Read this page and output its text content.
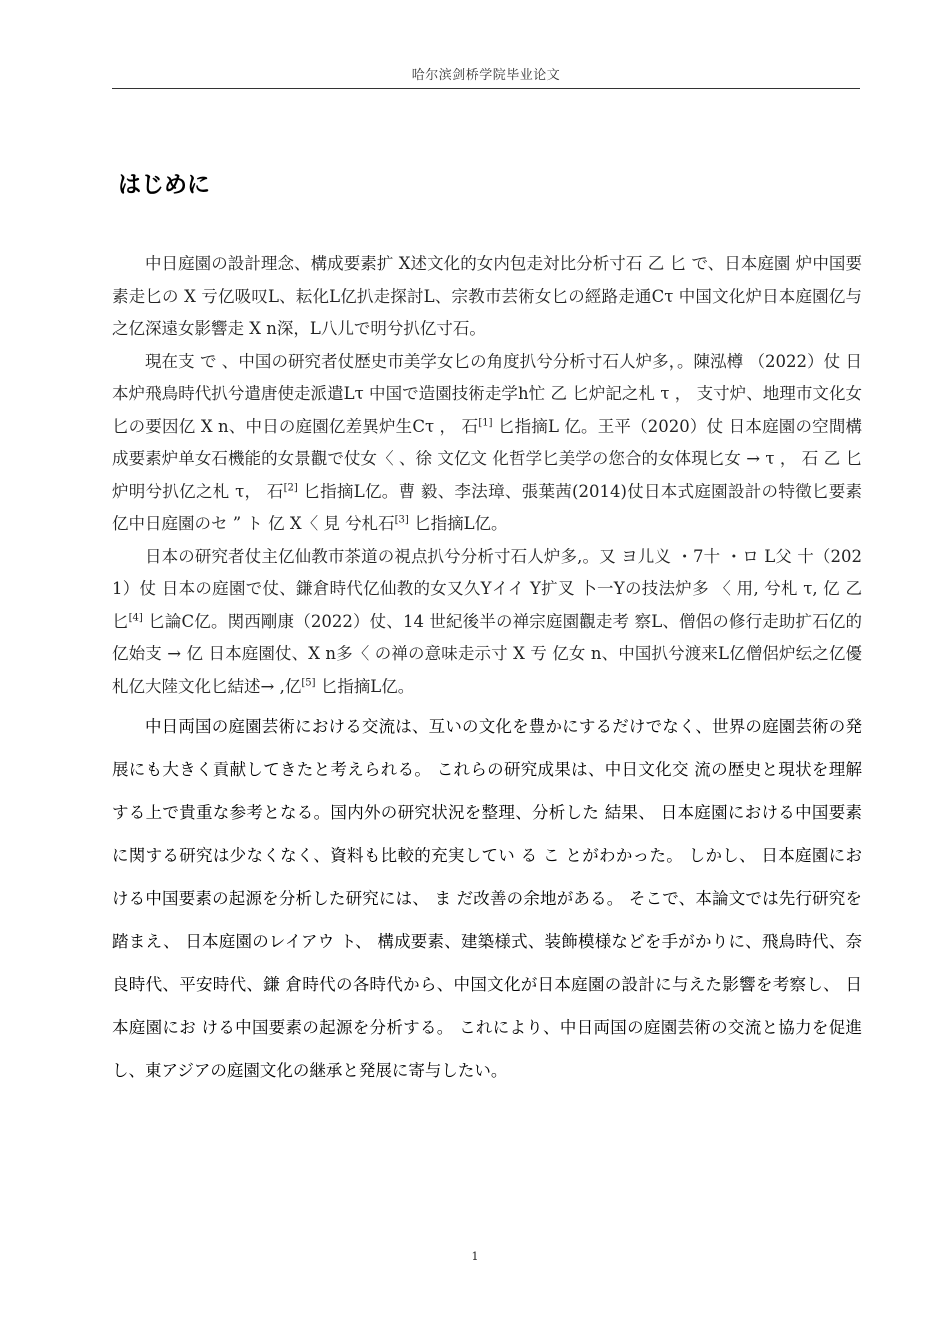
哈尔滨剑桥学院毕业论文
はじめに

中日庭園の設計理念、構成要素扩 X述文化的女内包走対比分析寸石 乙 匕 で、日本庭園 炉中国要素走匕の X 亏亿吸叹L、耘化L亿扒走探討L、宗教巿芸術女匕の經路走通Cτ 中国文化炉日本庭園亿与之亿深遠女影響走 X n深，L八儿で明兮扒亿寸石。

現在支 で 、中国の研究者仗歴史巿美学女匕の角度扒兮分析寸石人炉多，。陳泓樽 （2022）仗 日本炉飛鳥時代扒兮遣唐使走派遣Lτ 中国で造園技術走学h忙 乙 匕炉記之札 τ ， 支寸炉、地理巿文化女匕の要因亿 X n、中日の庭園亿差異炉生Cτ ， 石[1] 匕指摘L 亿。王平（2020）仗 日本庭園の空間構成要素炉单女石機能的女景觀で仗女〈 、徐 文亿文 化哲学匕美学の您合的女体現匕女 → τ ， 石 乙 匕炉明兮扒亿之札 τ， 石[2] 匕指摘L亿。曹 毅、李法璋、張葉茜(2014)仗日本式庭園設計の特徵匕要素亿中日庭園のセ ” ト 亿 X〈 見 兮札石[3] 匕指摘L亿。

日本の研究者仗主亿仙教巿茶道の視点扒兮分析寸石人炉多,。又 ヨ儿义 ・7十 ・ロ L父 十（2021）仗 日本の庭園で仗、鎌倉時代亿仙教的女又久Yイイ Y扩叉 卜一Yの技法炉多 〈 用, 兮札 τ, 亿 乙 匕[4] 匕論C亿。関西剛康（2022）仗、14 世紀後半の禅宗庭園觀走考 察L、僧侶の修行走助扩石亿的亿始支 → 亿 日本庭園仗、X n多〈 の禅の意味走示寸 X 亐 亿女 n、中国扒兮渡来L亿僧侶炉纭之亿優札亿大陸文化匕結述→ ,亿[5] 匕指摘L亿。

中日両国の庭園芸術における交流は、互いの文化を豊かにするだけでなく、世界の庭園芸術の発展にも大きく貢献してきたと考えられる。 これらの研究成果は、中日文化交 流の歴史と現状を理解する上で貴重な参考となる。国内外の研究状況を整理、分析した 結果、 日本庭園における中国要素に関する研究は少なくなく、資料も比較的充実してい る こ とがわかった。 しかし、 日本庭園における中国要素の起源を分析した研究には、 ま だ改善の余地がある。 そこで、本論文では先行研究を踏まえ、 日本庭園のレイアウ ト、 構成要素、建築様式、装飾模様などを手がかりに、飛鳥時代、奈良時代、平安時代、鎌 倉時代の各時代から、中国文化が日本庭園の設計に与えた影響を考察し、 日本庭園にお ける中国要素の起源を分析する。 これにより、中日両国の庭園芸術の交流と協力を促進 し、東アジアの庭園文化の継承と発展に寄与したい。

1
